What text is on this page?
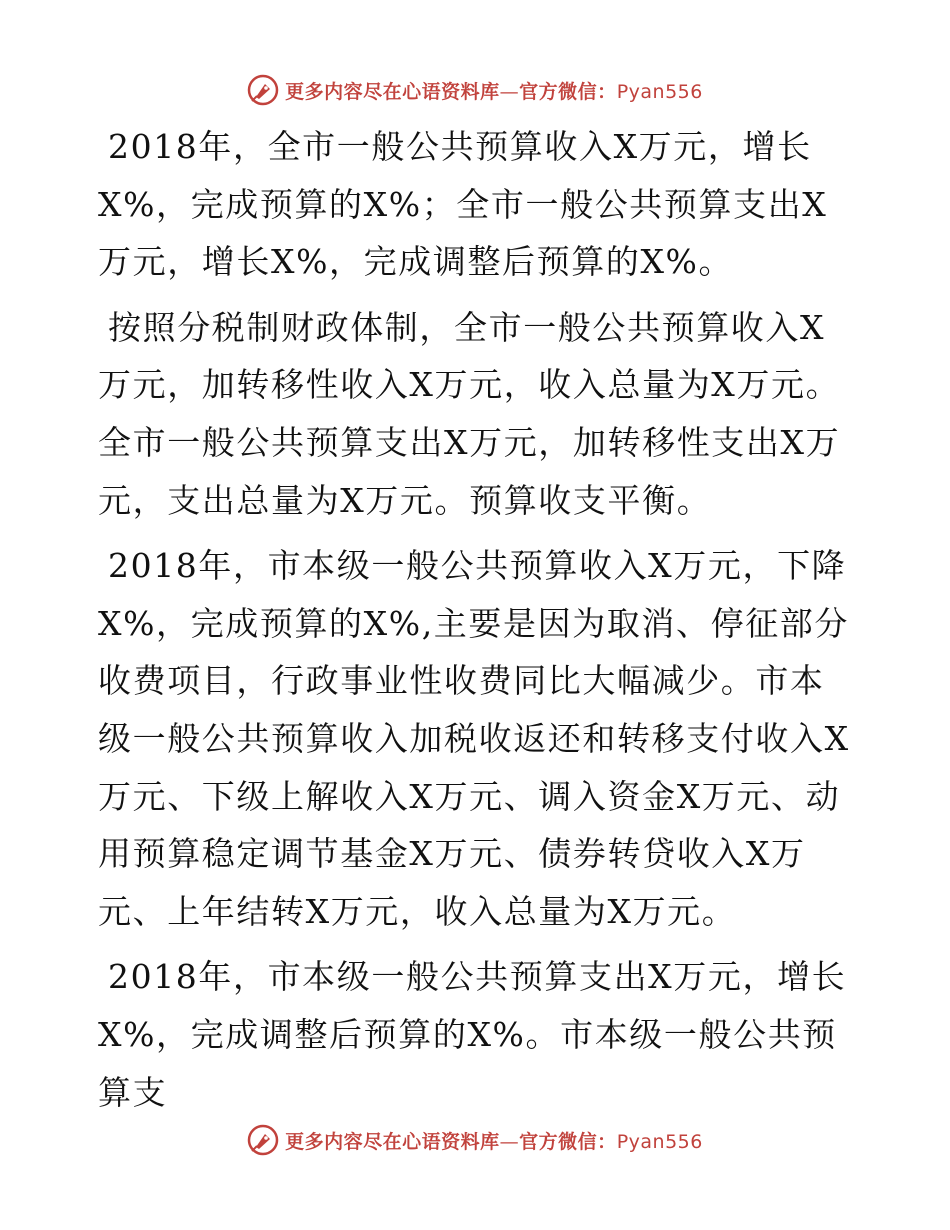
更多内容尽在心语资料库—官方微信：Pyan556

2018年，全市一般公共预算收入X万元，增长X%，完成预算的X%；全市一般公共预算支出X万元，增长X%，完成调整后预算的X%。

按照分税制财政体制，全市一般公共预算收入X万元，加转移性收入X万元，收入总量为X万元。全市一般公共预算支出X万元，加转移性支出X万元，支出总量为X万元。预算收支平衡。

2018年，市本级一般公共预算收入X万元，下降X%，完成预算的X%,主要是因为取消、停征部分收费项目，行政事业性收费同比大幅减少。市本级一般公共预算收入加税收返还和转移支付收入X万元、下级上解收入X万元、调入资金X万元、动用预算稳定调节基金X万元、债券转贷收入X万元、上年结转X万元，收入总量为X万元。

2018年，市本级一般公共预算支出X万元，增长X%，完成调整后预算的X%。市本级一般公共预算支

更多内容尽在心语资料库—官方微信：Pyan556
